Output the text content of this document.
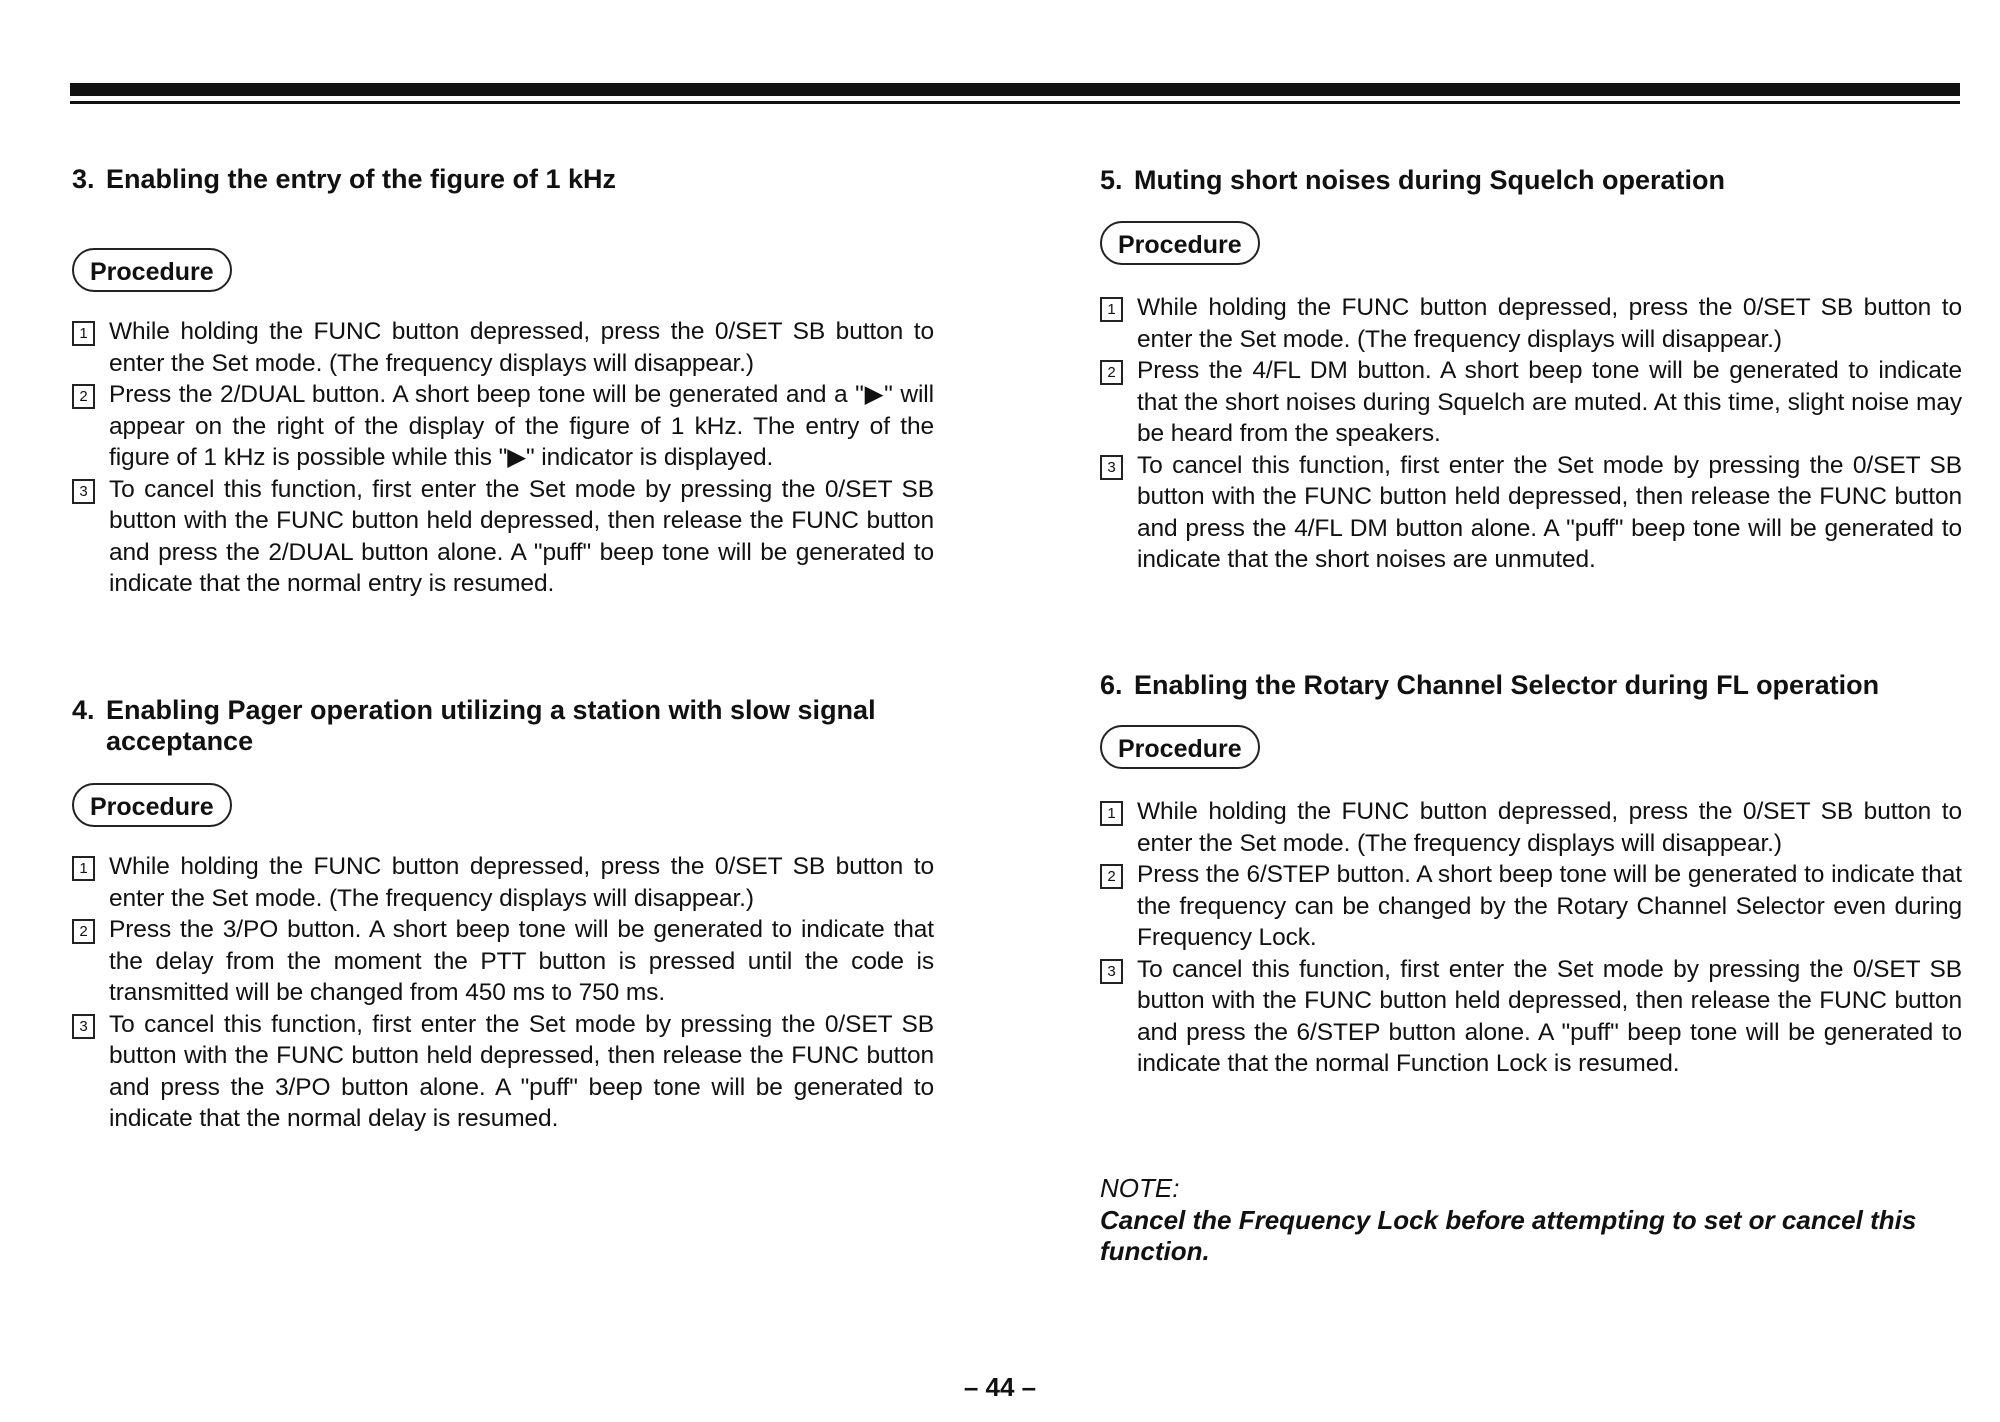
3. Enabling the entry of the figure of 1 kHz
Procedure
1 While holding the FUNC button depressed, press the 0/SET SB button to enter the Set mode. (The frequency displays will disappear.)
2 Press the 2/DUAL button. A short beep tone will be generated and a "▶" will appear on the right of the display of the figure of 1 kHz. The entry of the figure of 1 kHz is possible while this "▶" indicator is displayed.
3 To cancel this function, first enter the Set mode by pressing the 0/SET SB button with the FUNC button held depressed, then release the FUNC button and press the 2/DUAL button alone. A "puff" beep tone will be generated to indicate that the normal entry is resumed.
4. Enabling Pager operation utilizing a station with slow signal acceptance
Procedure
1 While holding the FUNC button depressed, press the 0/SET SB button to enter the Set mode. (The frequency displays will disappear.)
2 Press the 3/PO button. A short beep tone will be generated to indicate that the delay from the moment the PTT button is pressed until the code is transmitted will be changed from 450 ms to 750 ms.
3 To cancel this function, first enter the Set mode by pressing the 0/SET SB button with the FUNC button held depressed, then release the FUNC button and press the 3/PO button alone. A "puff" beep tone will be generated to indicate that the normal delay is resumed.
5. Muting short noises during Squelch operation
Procedure
1 While holding the FUNC button depressed, press the 0/SET SB button to enter the Set mode. (The frequency displays will disappear.)
2 Press the 4/FL DM button. A short beep tone will be generated to indicate that the short noises during Squelch are muted. At this time, slight noise may be heard from the speakers.
3 To cancel this function, first enter the Set mode by pressing the 0/SET SB button with the FUNC button held depressed, then release the FUNC button and press the 4/FL DM button alone. A "puff" beep tone will be generated to indicate that the short noises are unmuted.
6. Enabling the Rotary Channel Selector during FL operation
Procedure
1 While holding the FUNC button depressed, press the 0/SET SB button to enter the Set mode. (The frequency displays will disappear.)
2 Press the 6/STEP button. A short beep tone will be generated to indicate that the frequency can be changed by the Rotary Channel Selector even during Frequency Lock.
3 To cancel this function, first enter the Set mode by pressing the 0/SET SB button with the FUNC button held depressed, then release the FUNC button and press the 6/STEP button alone. A "puff" beep tone will be generated to indicate that the normal Function Lock is resumed.
NOTE:
Cancel the Frequency Lock before attempting to set or cancel this function.
– 44 –
